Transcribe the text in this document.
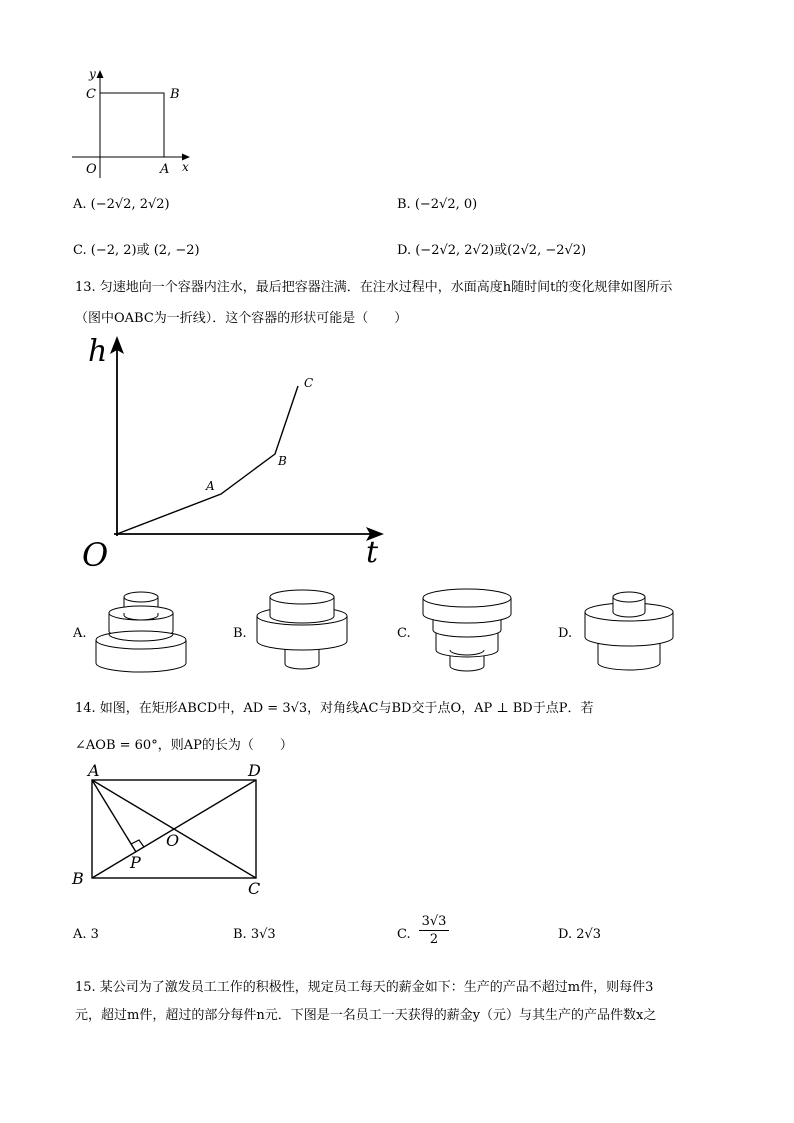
y
C	B
O	A x
A. (−2√2, 2√2)	B. (−2√2, 0)
C. (−2, 2)或 (2, −2)	D. (−2√2, 2√2)或(2√2, −2√2)
13. 匀速地向一个容器内注水，最后把容器注满．在注水过程中，水面高度h随时间t的变化规律如图所示
（图中OABC为一折线）．这个容器的形状可能是（　　）
h
t
O
A
B
C
A.	B.	C.	D.
14. 如图，在矩形ABCD中，AD = 3√3，对角线AC与BD交于点O，AP ⊥ BD于点P．若
∠AOB = 60°，则AP的长为（　　）
A	D
B
C
O
P
A. 3	B. 3√3	C. $\frac{3√3}{2}$	D. 2√3
15. 某公司为了激发员工工作的积极性，规定员工每天的薪金如下：生产的产品不超过m件，则每件3
元，超过m件，超过的部分每件n元．下图是一名员工一天获得的薪金y（元）与其生产的产品件数x之
